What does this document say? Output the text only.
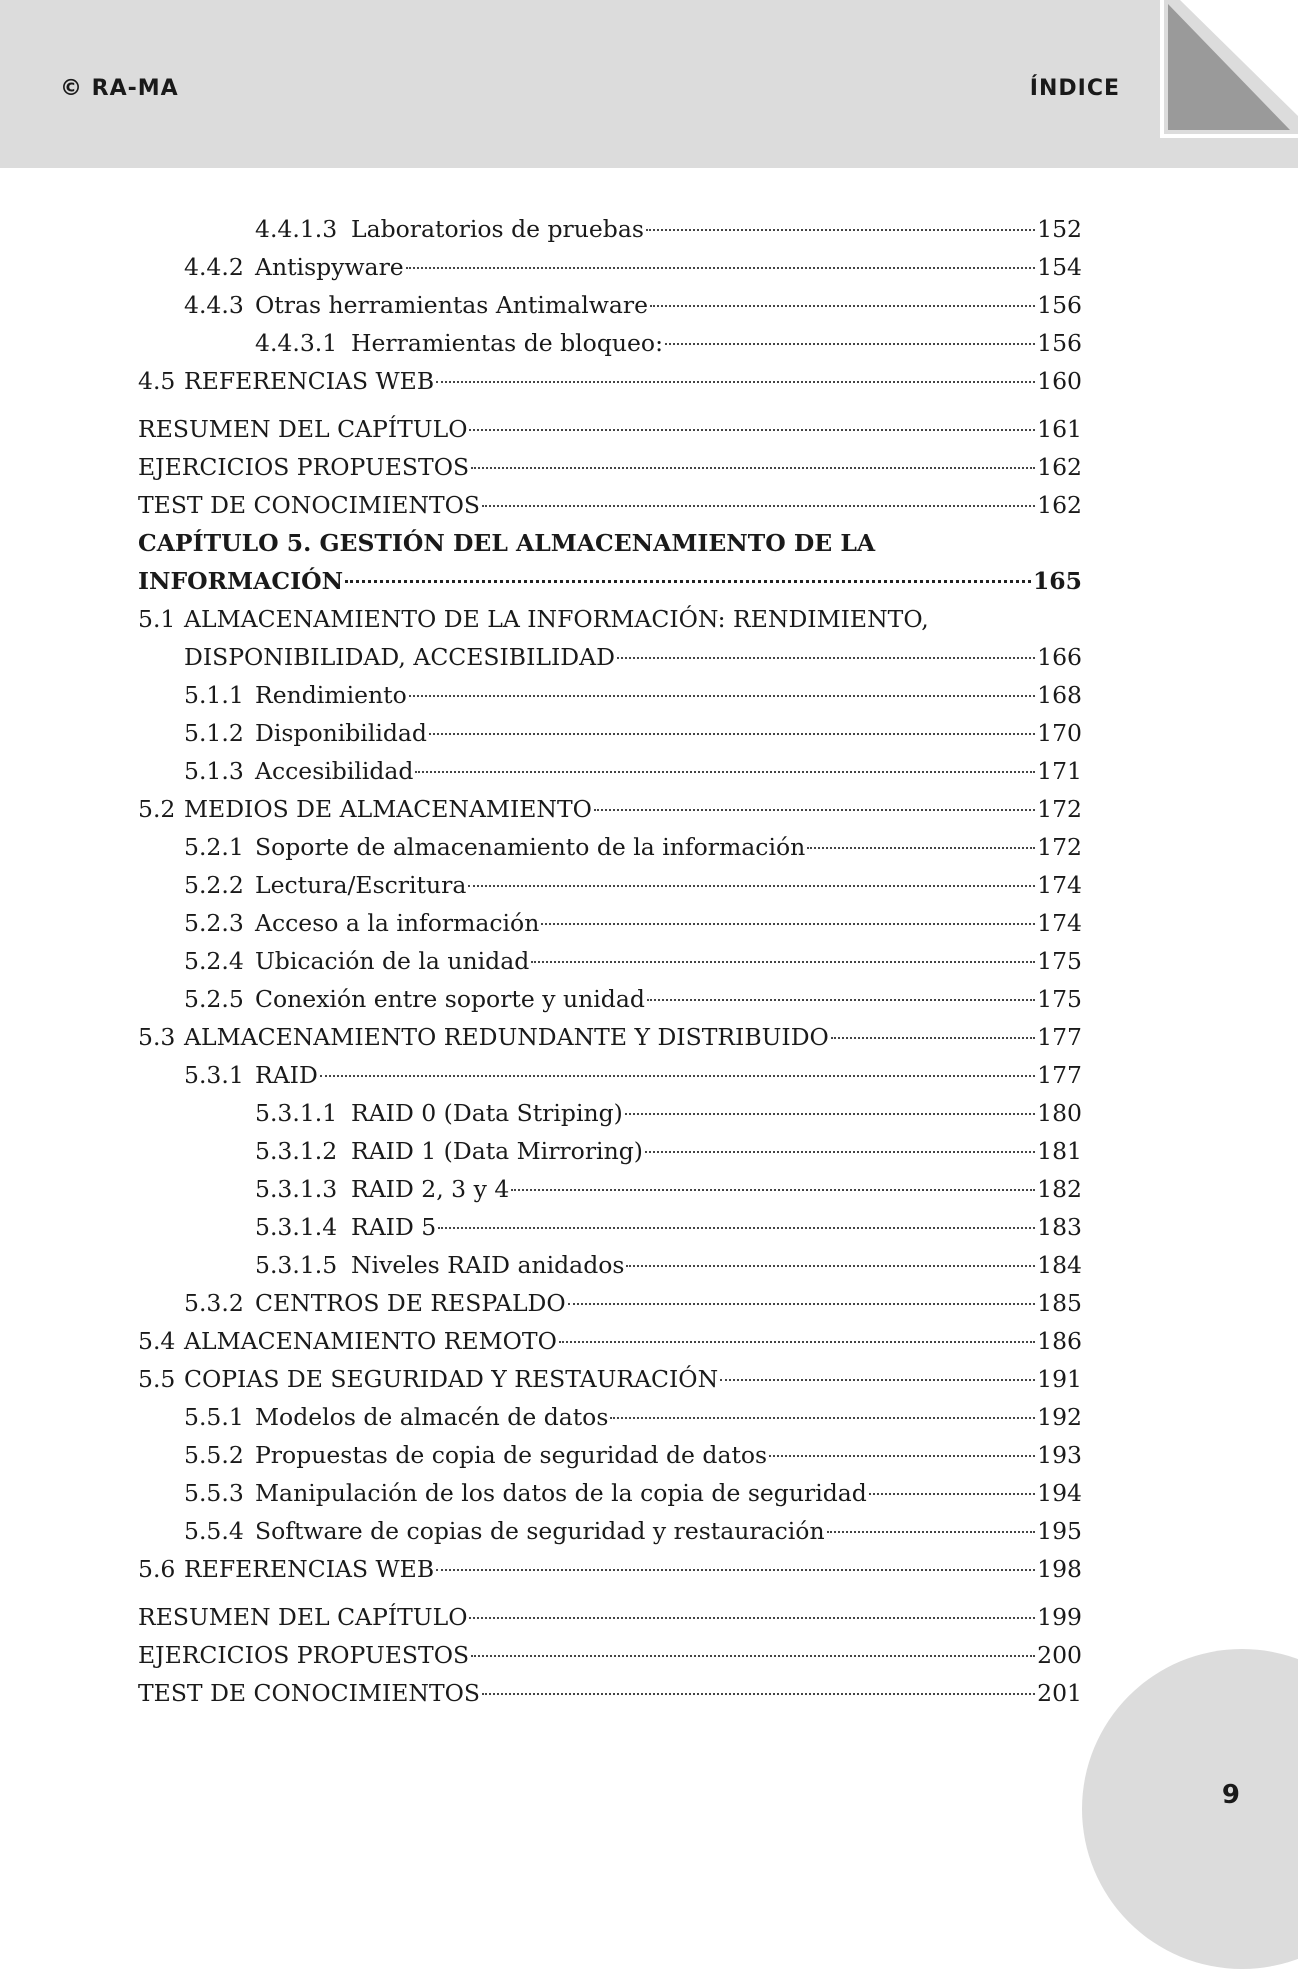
© RA-MA	ÍNDICE
4.4.1.3 Laboratorios de pruebas	152
4.4.2 Antispyware	154
4.4.3 Otras herramientas Antimalware	156
4.4.3.1 Herramientas de bloqueo:	156
4.5 REFERENCIAS WEB	160
RESUMEN DEL CAPÍTULO	161
EJERCICIOS PROPUESTOS	162
TEST DE CONOCIMIENTOS	162
CAPÍTULO 5. GESTIÓN DEL ALMACENAMIENTO DE LA
INFORMACIÓN	165
5.1 ALMACENAMIENTO DE LA INFORMACIÓN: RENDIMIENTO,
DISPONIBILIDAD, ACCESIBILIDAD	166
5.1.1 Rendimiento	168
5.1.2 Disponibilidad	170
5.1.3 Accesibilidad	171
5.2 MEDIOS DE ALMACENAMIENTO	172
5.2.1 Soporte de almacenamiento de la información	172
5.2.2 Lectura/Escritura	174
5.2.3 Acceso a la información	174
5.2.4 Ubicación de la unidad	175
5.2.5 Conexión entre soporte y unidad	175
5.3 ALMACENAMIENTO REDUNDANTE Y DISTRIBUIDO	177
5.3.1 RAID	177
5.3.1.1 RAID 0 (Data Striping)	180
5.3.1.2 RAID 1 (Data Mirroring)	181
5.3.1.3 RAID 2, 3 y 4	182
5.3.1.4 RAID 5	183
5.3.1.5 Niveles RAID anidados	184
5.3.2 CENTROS DE RESPALDO	185
5.4 ALMACENAMIENTO REMOTO	186
5.5 COPIAS DE SEGURIDAD Y RESTAURACIÓN	191
5.5.1 Modelos de almacén de datos	192
5.5.2 Propuestas de copia de seguridad de datos	193
5.5.3 Manipulación de los datos de la copia de seguridad	194
5.5.4 Software de copias de seguridad y restauración	195
5.6 REFERENCIAS WEB	198
RESUMEN DEL CAPÍTULO	199
EJERCICIOS PROPUESTOS	200
TEST DE CONOCIMIENTOS	201
9
